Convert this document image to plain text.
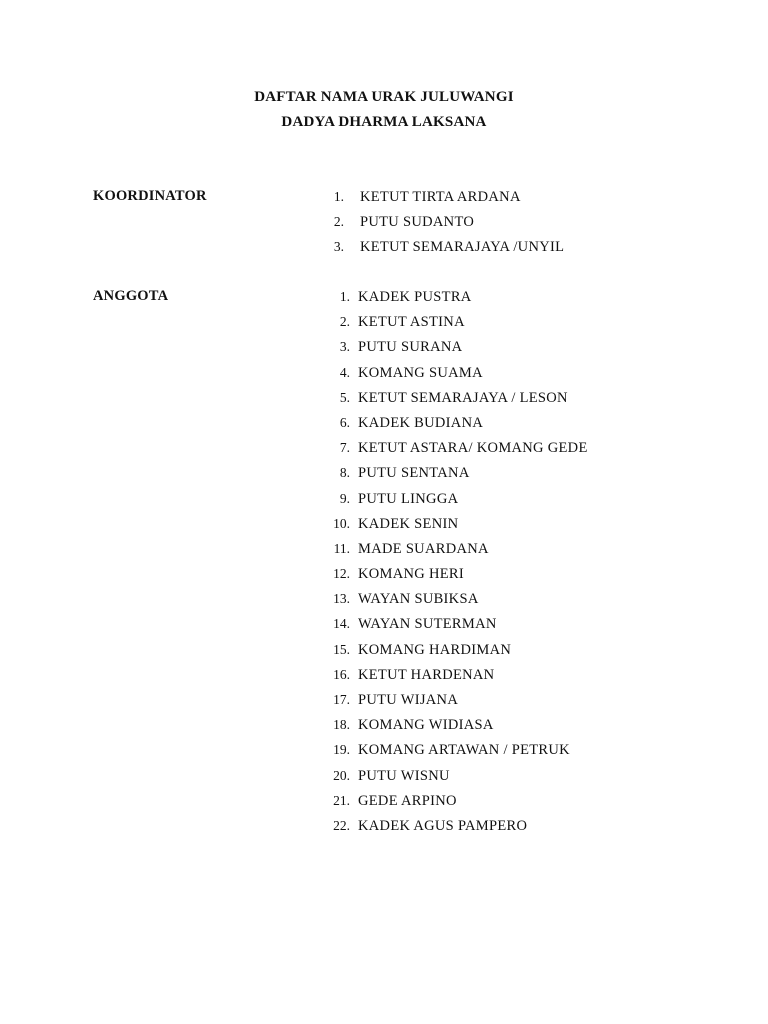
DAFTAR NAMA URAK JULUWANGI
DADYA DHARMA LAKSANA
KOORDINATOR	1. KETUT TIRTA ARDANA
2. PUTU SUDANTO
3. KETUT SEMARAJAYA /UNYIL
ANGGOTA	1. KADEK PUSTRA
2. KETUT ASTINA
3. PUTU SURANA
4. KOMANG SUAMA
5. KETUT SEMARAJAYA / LESON
6. KADEK BUDIANA
7. KETUT ASTARA/ KOMANG GEDE
8. PUTU SENTANA
9. PUTU LINGGA
10. KADEK SENIN
11. MADE SUARDANA
12. KOMANG HERI
13. WAYAN SUBIKSA
14. WAYAN SUTERMAN
15. KOMANG HARDIMAN
16. KETUT HARDENAN
17. PUTU WIJANA
18. KOMANG WIDIASA
19. KOMANG ARTAWAN / PETRUK
20. PUTU WISNU
21. GEDE ARPINO
22. KADEK AGUS PAMPERO
